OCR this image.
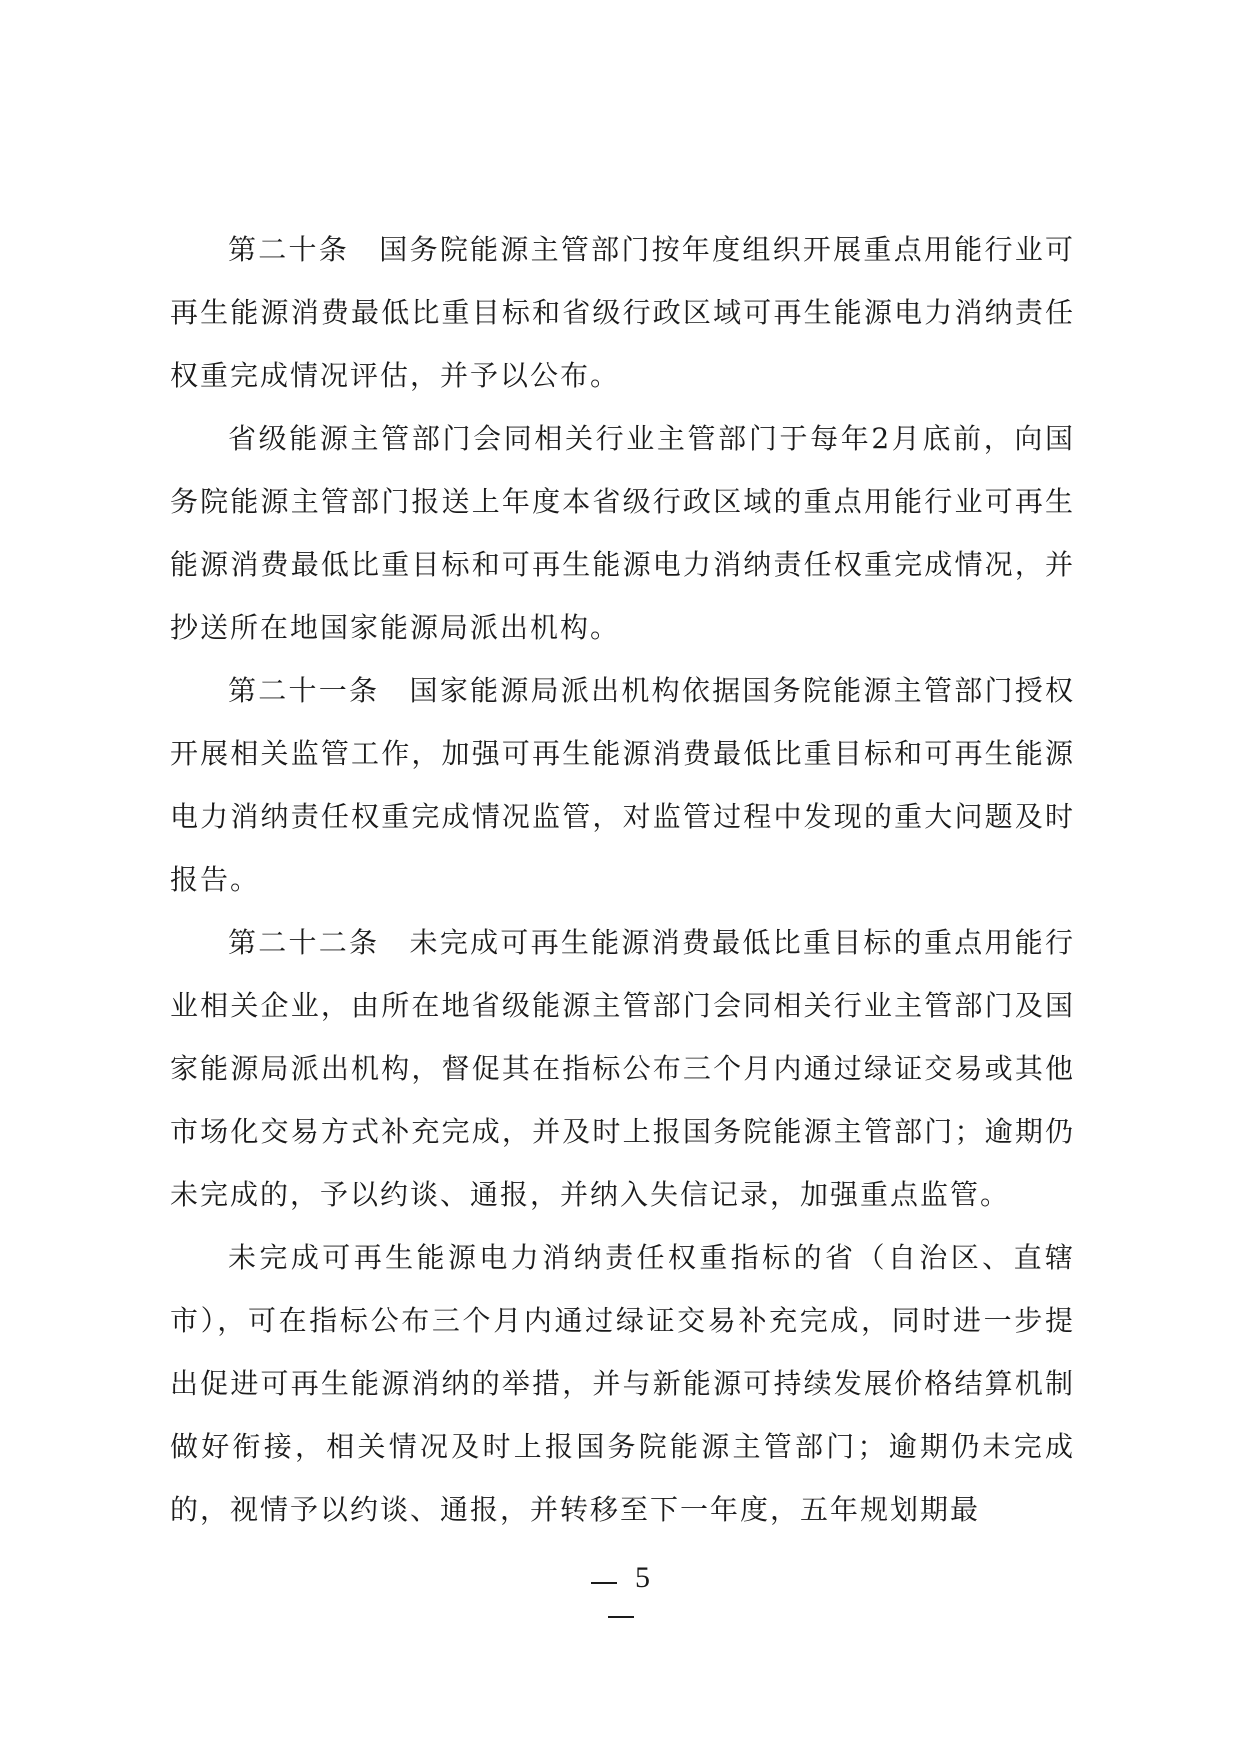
第二十条 国务院能源主管部门按年度组织开展重点用能行业可再生能源消费最低比重目标和省级行政区域可再生能源电力消纳责任权重完成情况评估，并予以公布。

省级能源主管部门会同相关行业主管部门于每年2月底前，向国务院能源主管部门报送上年度本省级行政区域的重点用能行业可再生能源消费最低比重目标和可再生能源电力消纳责任权重完成情况，并抄送所在地国家能源局派出机构。

第二十一条 国家能源局派出机构依据国务院能源主管部门授权开展相关监管工作，加强可再生能源消费最低比重目标和可再生能源电力消纳责任权重完成情况监管，对监管过程中发现的重大问题及时报告。

第二十二条 未完成可再生能源消费最低比重目标的重点用能行业相关企业，由所在地省级能源主管部门会同相关行业主管部门及国家能源局派出机构，督促其在指标公布三个月内通过绿证交易或其他市场化交易方式补充完成，并及时上报国务院能源主管部门；逾期仍未完成的，予以约谈、通报，并纳入失信记录，加强重点监管。

未完成可再生能源电力消纳责任权重指标的省（自治区、直辖市），可在指标公布三个月内通过绿证交易补充完成，同时进一步提出促进可再生能源消纳的举措，并与新能源可持续发展价格结算机制做好衔接，相关情况及时上报国务院能源主管部门；逾期仍未完成的，视情予以约谈、通报，并转移至下一年度，五年规划期最

5
